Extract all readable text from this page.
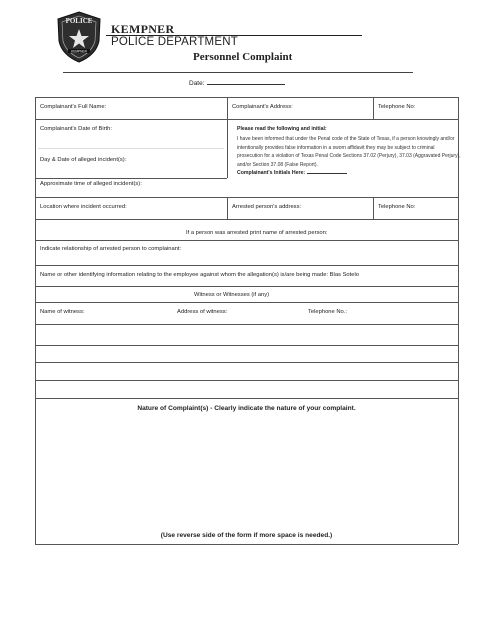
POLICE
KEMPNER
KEMPNER
POLICE DEPARTMENT
Personnel Complaint
Date:
Complainant's Full Name:	Complainant's Address:	Telephone No:
Complainant's Date of Birth:
Day & Date of alleged incident(s):
Please read the following and initial:
I have been informed that under the Penal code of the State of Texas, if a person knowingly and/or intentionally provides false information in a sworn affidavit they may be subject to criminal prosecution for a violation of Texas Penal Code Sections 37.02 (Perjury), 37.03 (Aggravated Perjury), and/or Section 37.08 (False Report).
Complainant's Initials Here:
Approximate time of alleged incident(s):
Location where incident occurred:	Arrested person's address:	Telephone No:
If a person was arrested print name of arrested person:
Indicate relationship of arrested person to complainant:
Name or other identifying information relating to the employee against whom the allegation(s) is/are being made: Blas Sotelo
Witness or Witnesses (if any)
Name of witness:	Address of witness:	Telephone No.:
Nature of Complaint(s) - Clearly indicate the nature of your complaint.
(Use reverse side of the form if more space is needed.)
